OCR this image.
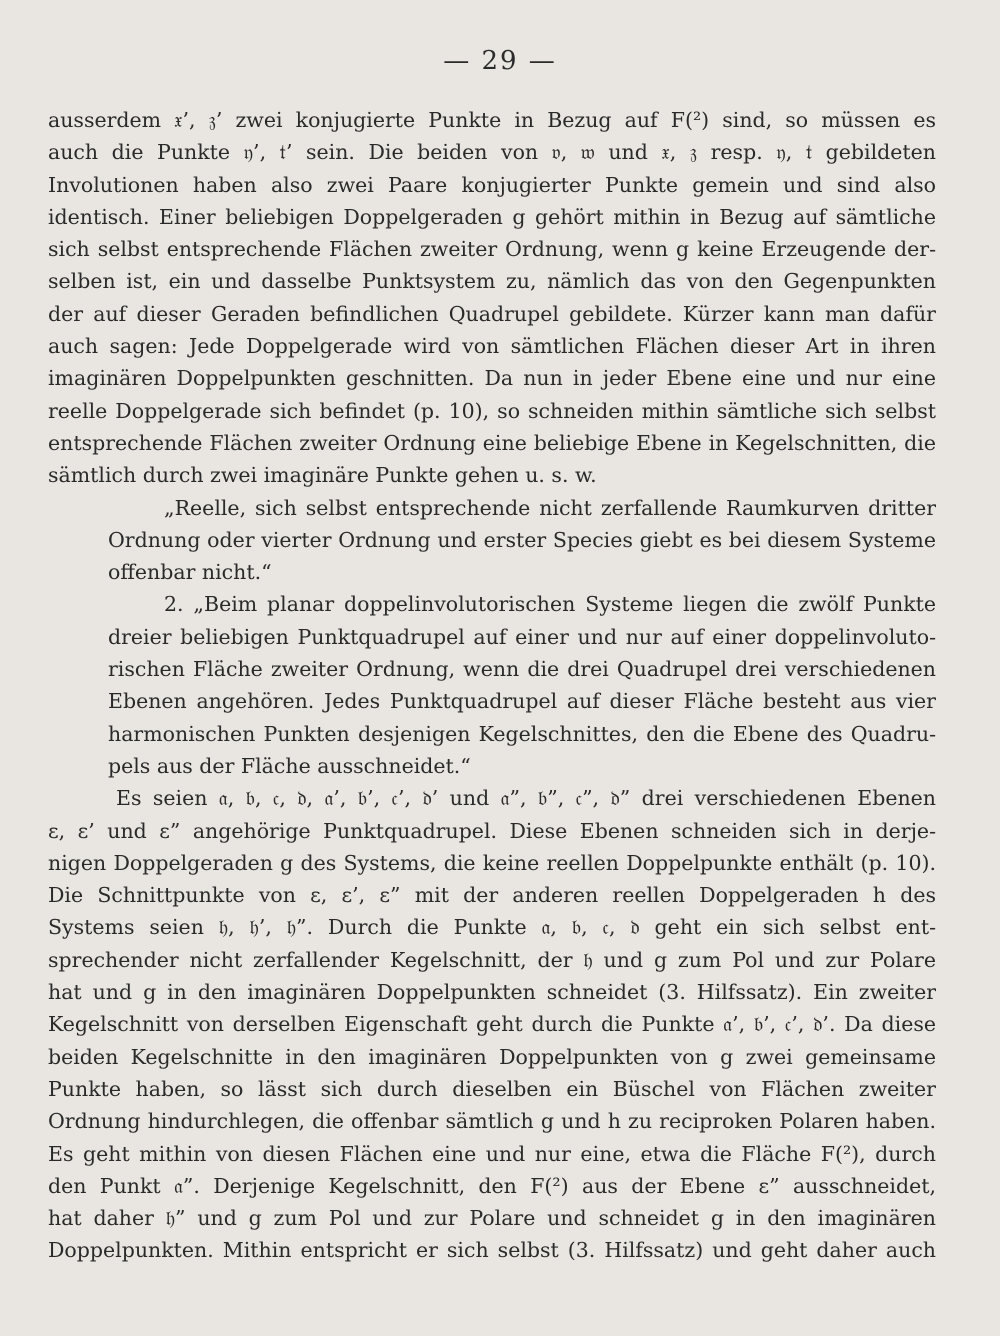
— 29 —
ausserdem 𝔵’, 𝔷’ zwei konjugierte Punkte in Bezug auf F(²) sind, so müssen es
auch die Punkte 𝔶’, 𝔱’ sein. Die beiden von 𝔳, 𝔴 und 𝔵, 𝔷 resp. 𝔶, 𝔱 gebildeten
Involutionen haben also zwei Paare konjugierter Punkte gemein und sind also
identisch. Einer beliebigen Doppelgeraden g gehört mithin in Bezug auf sämtliche
sich selbst entsprechende Flächen zweiter Ordnung, wenn g keine Erzeugende der-
selben ist, ein und dasselbe Punktsystem zu, nämlich das von den Gegenpunkten
der auf dieser Geraden befindlichen Quadrupel gebildete. Kürzer kann man dafür
auch sagen: Jede Doppelgerade wird von sämtlichen Flächen dieser Art in ihren
imaginären Doppelpunkten geschnitten. Da nun in jeder Ebene eine und nur eine
reelle Doppelgerade sich befindet (p. 10), so schneiden mithin sämtliche sich selbst
entsprechende Flächen zweiter Ordnung eine beliebige Ebene in Kegelschnitten, die
sämtlich durch zwei imaginäre Punkte gehen u. s. w.
„Reelle, sich selbst entsprechende nicht zerfallende Raumkurven dritter
Ordnung oder vierter Ordnung und erster Species giebt es bei diesem Systeme
offenbar nicht.“
2. „Beim planar doppelinvolutorischen Systeme liegen die zwölf Punkte
dreier beliebigen Punktquadrupel auf einer und nur auf einer doppelinvoluto-
rischen Fläche zweiter Ordnung, wenn die drei Quadrupel drei verschiedenen
Ebenen angehören. Jedes Punktquadrupel auf dieser Fläche besteht aus vier
harmonischen Punkten desjenigen Kegelschnittes, den die Ebene des Quadru-
pels aus der Fläche ausschneidet.“
Es seien 𝔞, 𝔟, 𝔠, 𝔡, 𝔞’, 𝔟’, 𝔠’, 𝔡’ und 𝔞”, 𝔟”, 𝔠”, 𝔡” drei verschiedenen Ebenen
ε, ε’ und ε” angehörige Punktquadrupel. Diese Ebenen schneiden sich in derje-
nigen Doppelgeraden g des Systems, die keine reellen Doppelpunkte enthält (p. 10).
Die Schnittpunkte von ε, ε’, ε” mit der anderen reellen Doppelgeraden h des
Systems seien 𝔥, 𝔥’, 𝔥”. Durch die Punkte 𝔞, 𝔟, 𝔠, 𝔡 geht ein sich selbst ent-
sprechender nicht zerfallender Kegelschnitt, der 𝔥 und g zum Pol und zur Polare
hat und g in den imaginären Doppelpunkten schneidet (3. Hilfssatz). Ein zweiter
Kegelschnitt von derselben Eigenschaft geht durch die Punkte 𝔞’, 𝔟’, 𝔠’, 𝔡’. Da diese
beiden Kegelschnitte in den imaginären Doppelpunkten von g zwei gemeinsame
Punkte haben, so lässt sich durch dieselben ein Büschel von Flächen zweiter
Ordnung hindurchlegen, die offenbar sämtlich g und h zu reciproken Polaren haben.
Es geht mithin von diesen Flächen eine und nur eine, etwa die Fläche F(²), durch
den Punkt 𝔞”. Derjenige Kegelschnitt, den F(²) aus der Ebene ε” ausschneidet,
hat daher 𝔥” und g zum Pol und zur Polare und schneidet g in den imaginären
Doppelpunkten. Mithin entspricht er sich selbst (3. Hilfssatz) und geht daher auch
